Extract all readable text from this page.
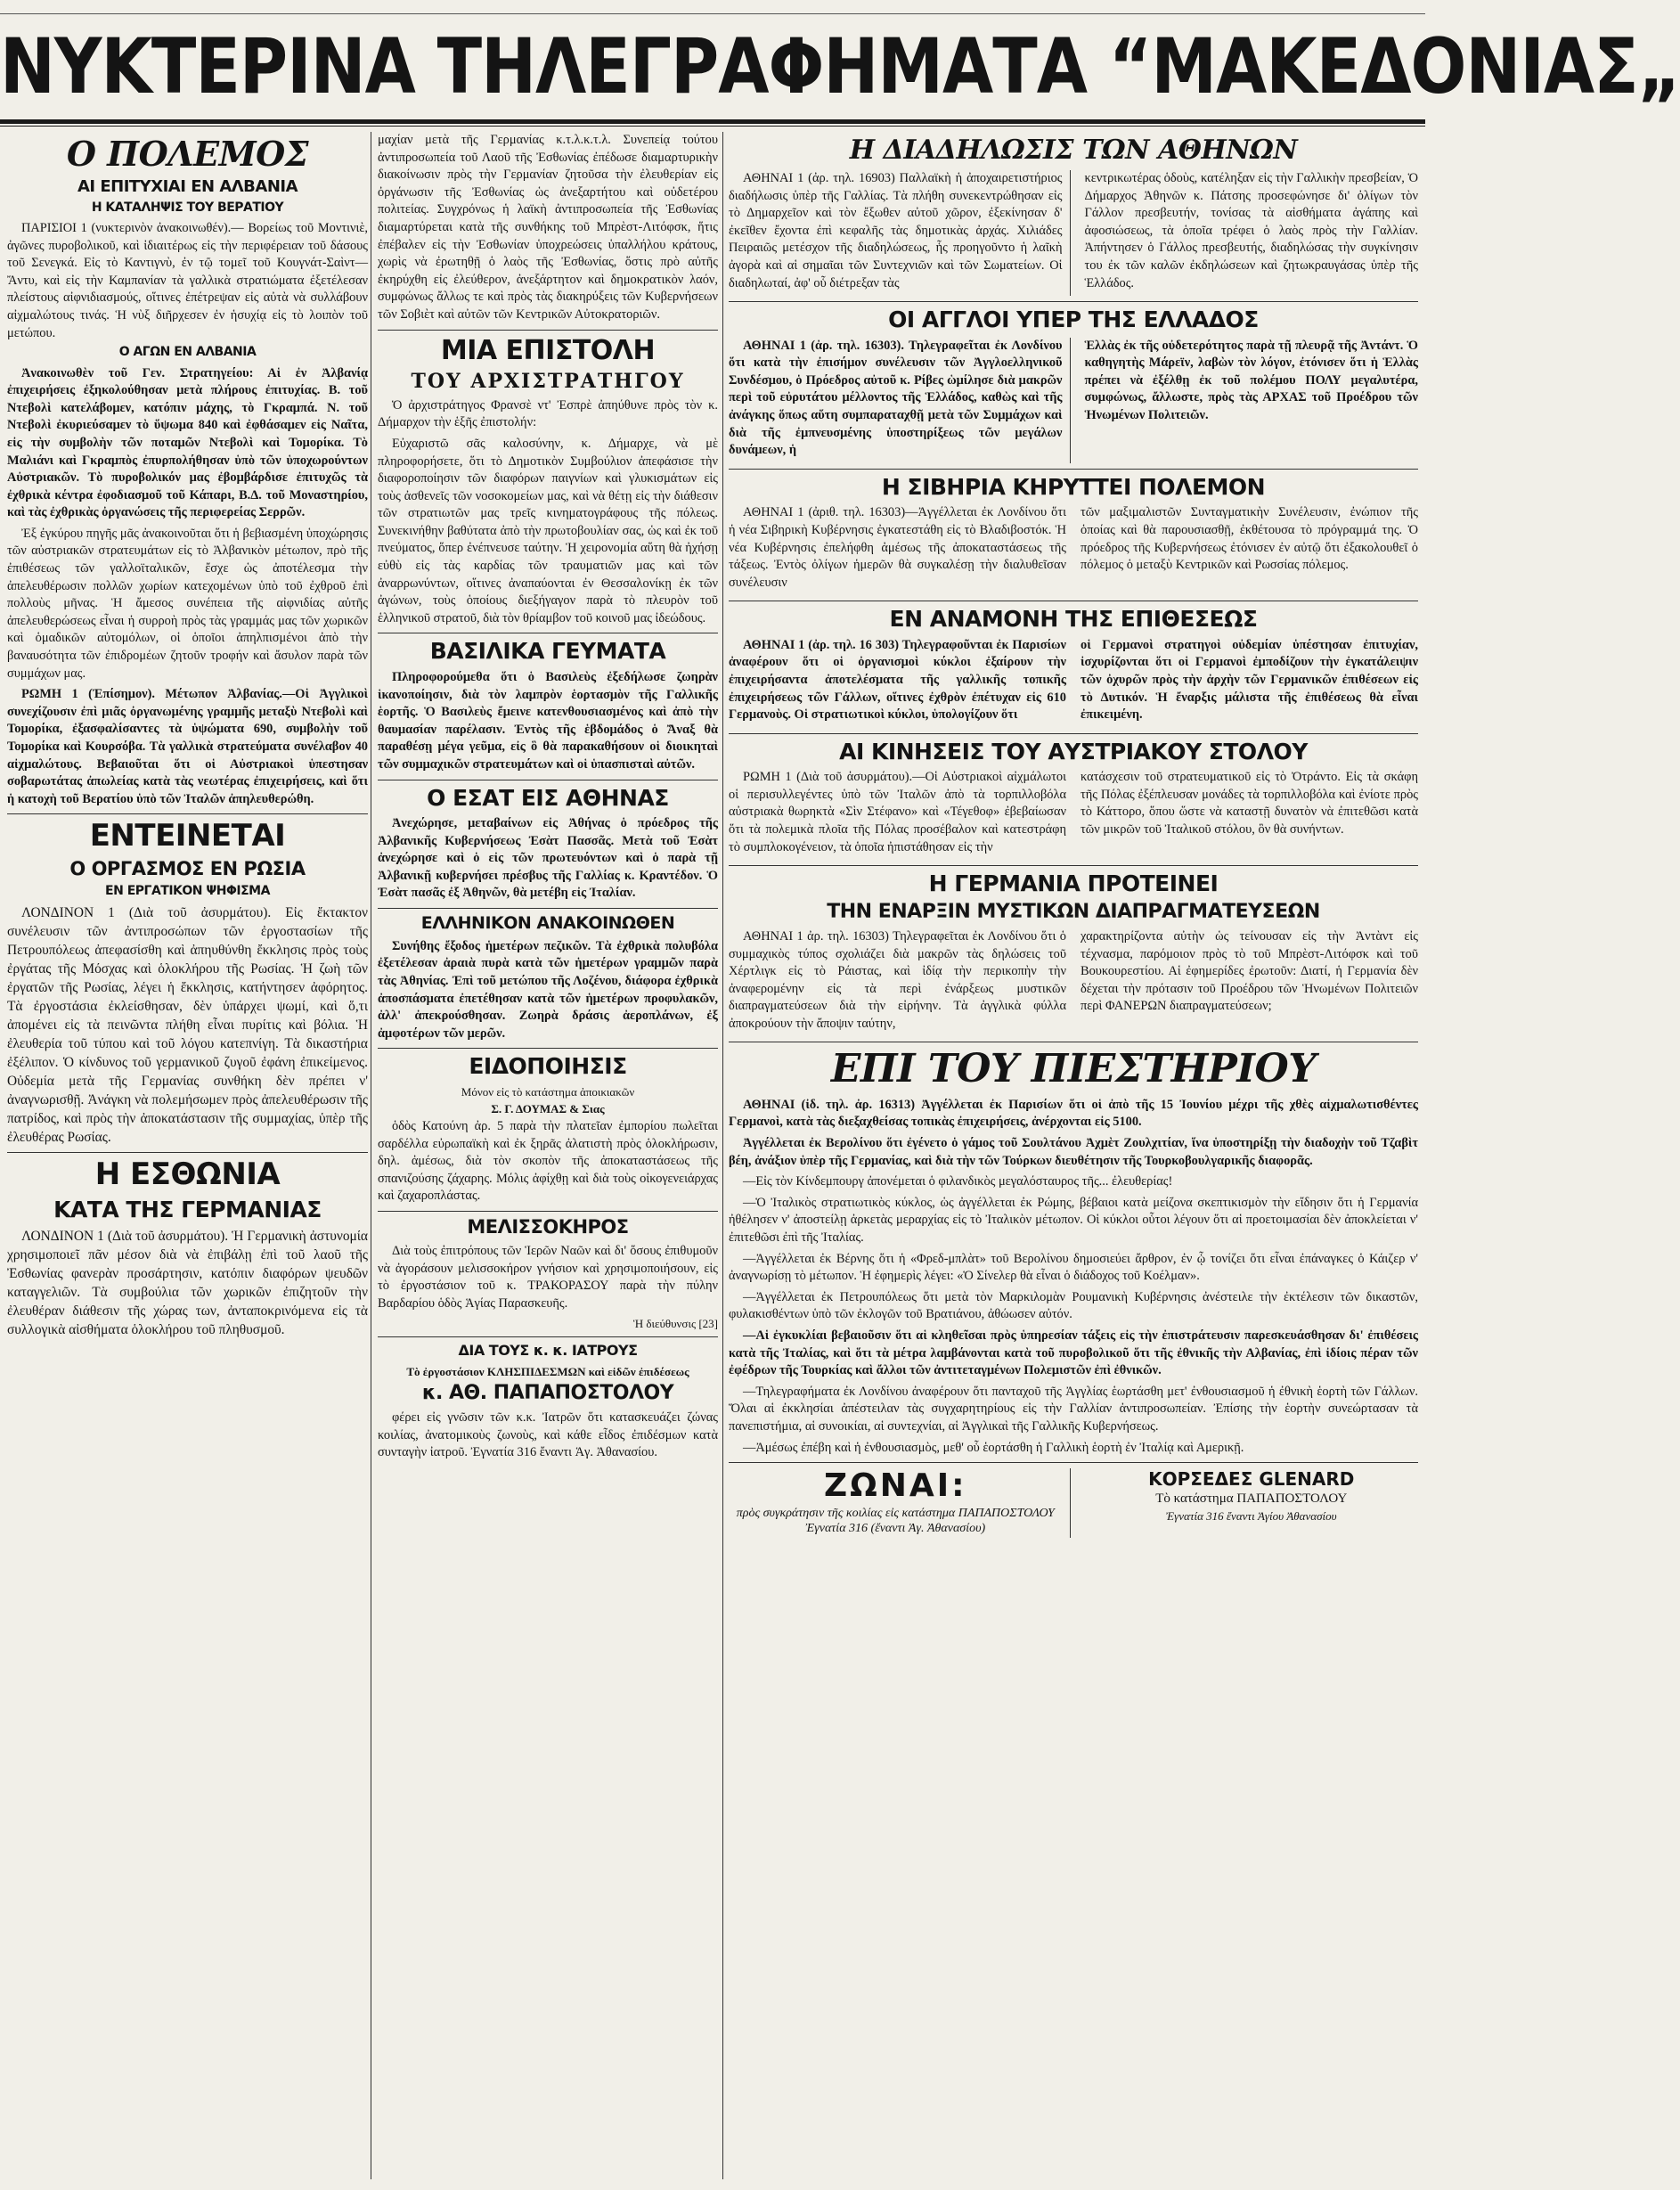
ΝΥΚΤΕΡΙΝΑ ΤΗΛΕΓΡΑΦΗΜΑΤΑ “ΜΑΚΕΔΟΝΙΑΣ„
Ο ΠΟΛΕΜΟΣ
ΑΙ ΕΠΙΤΥΧΙΑΙ ΕΝ ΑΛΒΑΝΙΑ
Η ΚΑΤΑΛΗΨΙΣ ΤΟΥ ΒΕΡΑΤΙΟΥ

ΠΑΡΙΣΙΟΙ 1 (νυκτερινὸν ἀνακοινωθέν).— Βορείως τοῦ Μοντινιὲ, ἀγῶνες πυροβολικοῦ, καὶ ἰδιαιτέρως εἰς τὴν περιφέρειαν τοῦ δάσους τοῦ Σενεγκά. Εἰς τὸ Καντιγνὺ, ἐν τῷ τομεῖ τοῦ Κουγνάτ-Σαὶντ—Ἄντυ, καὶ εἰς τὴν Καμπανίαν τὰ γαλλικὰ στρατιώματα ἐξετέλεσαν πλείστους αἰφνιδιασμούς, οἵτινες ἐπέτρεψαν εἰς αὐτὰ νὰ συλλάβουν αἰχμαλώτους τινάς. Ἡ νὺξ διῆρχεσεν ἐν ἡσυχίᾳ εἰς τὸ λοιπὸν τοῦ μετώπου.

Ο ΑΓΩΝ ΕΝ ΑΛΒΑΝΙΑ

Ἀνακοινωθὲν τοῦ Γεν. Στρατηγείου: Αἱ ἐν Ἀλβανίᾳ ἐπιχειρήσεις ἐξηκολούθησαν μετὰ πλήρους ἐπιτυχίας. Β. τοῦ Ντεβολὶ κατελάβομεν, κατόπιν μάχης, τὸ Γκραμπά. Ν. τοῦ Ντεβολὶ ἐκυριεύσαμεν τὸ ὕψωμα 840 καὶ ἐφθάσαμεν εἰς Ναῖτα, εἰς τὴν συμβολὴν τῶν ποταμῶν Ντεβολὶ καὶ Τομορίκα. Τὸ Μαλιάνι καὶ Γκραμπὸς ἐπυρπολήθησαν ὑπὸ τῶν ὑποχωρούντων Αὐστριακῶν. Τὸ πυροβολικόν μας ἐβομβάρδισε ἐπιτυχῶς τὰ ἐχθρικὰ κέντρα ἐφοδιασμοῦ τοῦ Κάπαρι, Β.Δ. τοῦ Μοναστηρίου, καὶ τὰς ἐχθρικὰς ὀργανώσεις τῆς περιφερείας Σερρῶν.

Ἐξ ἐγκύρου πηγῆς μᾶς ἀνακοινοῦται ὅτι ἡ βεβιασμένη ὑποχώρησις τῶν αὐστριακῶν στρατευμάτων εἰς τὸ Ἀλβανικὸν μέτωπον, πρὸ τῆς ἐπιθέσεως τῶν γαλλοϊταλικῶν, ἔσχε ὡς ἀποτέλεσμα τὴν ἀπελευθέρωσιν πολλῶν χωρίων κατεχομένων ὑπὸ τοῦ ἐχθροῦ ἐπὶ πολλοὺς μῆνας. Ἡ ἄμεσος συνέπεια τῆς αἰφνιδίας αὐτῆς ἀπελευθερώσεως εἶναι ἡ συρροὴ πρὸς τὰς γραμμάς μας τῶν χωρικῶν καὶ ὁμαδικῶν αὐτομόλων, οἱ ὁποῖοι ἀπηλπισμένοι ἀπὸ τὴν βαναυσότητα τῶν ἐπιδρομέων ζητοῦν τροφήν καὶ ἄσυλον παρὰ τῶν συμμάχων μας.

ΡΩΜΗ 1 (Ἐπίσημον). Μέτωπον Ἀλβανίας.—Οἱ Ἀγγλικοὶ συνεχίζουσιν ἐπὶ μιᾶς ὀργανωμένης γραμμῆς μεταξὺ Ντεβολὶ καὶ Τομορίκα, ἐξασφαλίσαντες τὰ ὑψώματα 690, συμβολὴν τοῦ Τομορίκα καὶ Κουρσόβα. Τὰ γαλλικὰ στρατεύματα συνέλαβον 40 αἰχμαλώτους. Βεβαιοῦται ὅτι οἱ Αὐστριακοὶ ὑπεστησαν σοβαρωτάτας ἀπωλείας κατὰ τὰς νεωτέρας ἐπιχειρήσεις, καὶ ὅτι ἡ κατοχὴ τοῦ Βερατίου ὑπὸ τῶν Ἰταλῶν ἀπηλευθερώθη.

ΕΝΤΕΙΝΕΤΑΙ
Ο ΟΡΓΑΣΜΟΣ ΕΝ ΡΩΣΙΑ
ΕΝ ΕΡΓΑΤΙΚΟΝ ΨΗΦΙΣΜΑ

ΛΟΝΔΙΝΟΝ 1 (Διὰ τοῦ ἀσυρμάτου). Εἰς ἔκτακτον συνέλευσιν τῶν ἀντιπροσώπων τῶν ἐργοστασίων τῆς Πετρουπόλεως ἀπεφασίσθη καὶ ἀπηυθύνθη ἔκκλησις πρὸς τοὺς ἐργάτας τῆς Μόσχας καὶ ὁλοκλήρου τῆς Ρωσίας. Ἡ ζωὴ τῶν ἐργατῶν τῆς Ρωσίας, λέγει ἡ ἔκκλησις, κατήντησεν ἀφόρητος. Τὰ ἐργοστάσια ἐκλείσθησαν, δὲν ὑπάρχει ψωμί, καὶ ὅ,τι ἀπομένει εἰς τὰ πεινῶντα πλήθη εἶναι πυρίτις καὶ βόλια. Ἡ ἐλευθερία τοῦ τύπου καὶ τοῦ λόγου κατεπνίγη. Τὰ δικαστήρια ἐξέλιπον. Ὁ κίνδυνος τοῦ γερμανικοῦ ζυγοῦ ἐφάνη ἐπικείμενος. Οὐδεμία μετὰ τῆς Γερμανίας συνθήκη δὲν πρέπει ν' ἀναγνωρισθῇ. Ἀνάγκη νὰ πολεμήσωμεν πρὸς ἀπελευθέρωσιν τῆς πατρίδος, καὶ πρὸς τὴν ἀποκατάστασιν τῆς συμμαχίας, ὑπὲρ τῆς ἐλευθέρας Ρωσίας.

Η ΕΣΘΩΝΙΑ
ΚΑΤΑ ΤΗΣ ΓΕΡΜΑΝΙΑΣ

ΛΟΝΔΙΝΟΝ 1 (Διὰ τοῦ ἀσυρμάτου). Ἡ Γερμανικὴ ἀστυνομία χρησιμοποιεῖ πᾶν μέσον διὰ νὰ ἐπιβάλῃ ἐπὶ τοῦ λαοῦ τῆς Ἐσθωνίας φανερὰν προσάρτησιν, κατόπιν διαφόρων ψευδῶν καταγγελιῶν. Τὰ συμβούλια τῶν χωρικῶν ἐπιζητοῦν τὴν ἐλευθέραν διάθεσιν τῆς χώρας των, ἀνταποκρινόμενα εἰς τὰ συλλογικὰ αἰσθήματα ὁλοκλήρου τοῦ πληθυσμοῦ.

μαχίαν μετὰ τῆς Γερμανίας κ.τ.λ.κ.τ.λ. Συνεπείᾳ τούτου ἀντιπροσωπεία τοῦ Λαοῦ τῆς Ἐσθωνίας ἐπέδωσε διαμαρτυρικὴν διακοίνωσιν πρὸς τὴν Γερμανίαν ζητοῦσα τὴν ἐλευθερίαν εἰς ὀργάνωσιν τῆς Ἐσθωνίας ὡς ἀνεξαρτήτου καὶ οὐδετέρου πολιτείας. Συγχρόνως ἡ λαϊκὴ ἀντιπροσωπεία τῆς Ἐσθωνίας διαμαρτύρεται κατὰ τῆς συνθήκης τοῦ Μπρὲστ-Λιτόφσκ, ἥτις ἐπέβαλεν εἰς τὴν Ἐσθωνίαν ὑποχρεώσεις ὑπαλλήλου κράτους, χωρὶς νὰ ἐρωτηθῇ ὁ λαὸς τῆς Ἐσθωνίας, ὅστις πρὸ αὐτῆς ἐκηρύχθη εἰς ἐλεύθερον, ἀνεξάρτητον καὶ δημοκρατικὸν λαόν, συμφώνως ἄλλως τε καὶ πρὸς τὰς διακηρύξεις τῶν Κυβερνήσεων τῶν Σοβιὲτ καὶ αὐτῶν τῶν Κεντρικῶν Αὐτοκρατοριῶν.

ΜΙΑ ΕΠΙΣΤΟΛΗ
ΤΟΥ ΑΡΧΙΣΤΡΑΤΗΓΟΥ

Ὁ ἀρχιστράτηγος Φρανσὲ ντ' Ἐσπρὲ ἀπηύθυνε πρὸς τὸν κ. Δήμαρχον τὴν ἑξῆς ἐπιστολήν:

Εὐχαριστῶ σᾶς καλοσύνην, κ. Δήμαρχε, νὰ μὲ πληροφορήσετε, ὅτι τὸ Δημοτικὸν Συμβούλιον ἀπεφάσισε τὴν διαφοροποίησιν τῶν διαφόρων παιγνίων καὶ γλυκισμάτων εἰς τοὺς ἀσθενεῖς τῶν νοσοκομείων μας, καὶ νὰ θέτῃ εἰς τὴν διάθεσιν τῶν στρατιωτῶν μας τρεῖς κινηματογράφους τῆς πόλεως. Συνεκινήθην βαθύτατα ἀπὸ τὴν πρωτοβουλίαν σας, ὡς καὶ ἐκ τοῦ πνεύματος, ὅπερ ἐνέπνευσε ταύτην. Ἡ χειρονομία αὕτη θὰ ἠχήσῃ εὐθὺ εἰς τὰς καρδίας τῶν τραυματιῶν μας καὶ τῶν ἀναρρωνύντων, οἵτινες ἀναπαύονται ἐν Θεσσαλονίκῃ ἐκ τῶν ἀγώνων, τοὺς ὁποίους διεξήγαγον παρὰ τὸ πλευρὸν τοῦ ἑλληνικοῦ στρατοῦ, διὰ τὸν θρίαμβον τοῦ κοινοῦ μας ἰδεώδους.

ΒΑΣΙΛΙΚΑ ΓΕΥΜΑΤΑ

Πληροφορούμεθα ὅτι ὁ Βασιλεὺς ἐξεδήλωσε ζωηρὰν ἱκανοποίησιν, διὰ τὸν λαμπρὸν ἑορτασμὸν τῆς Γαλλικῆς ἑορτῆς. Ὁ Βασιλεὺς ἔμεινε κατενθουσιασμένος καὶ ἀπὸ τὴν θαυμασίαν παρέλασιν. Ἐντὸς τῆς ἑβδομάδος ὁ Ἄναξ θὰ παραθέσῃ μέγα γεῦμα, εἰς ὃ θὰ παρακαθήσουν οἱ διοικηταὶ τῶν συμμαχικῶν στρατευμάτων καὶ οἱ ὑπασπισταὶ αὐτῶν.

Ο ΕΣΑΤ ΕΙΣ ΑΘΗΝΑΣ

Ἀνεχώρησε, μεταβαίνων εἰς Ἀθήνας ὁ πρόεδρος τῆς Ἀλβανικῆς Κυβερνήσεως Ἐσὰτ Πασσᾶς. Μετὰ τοῦ Ἐσὰτ ἀνεχώρησε καὶ ὁ εἰς τῶν πρωτευόντων καὶ ὁ παρὰ τῇ Ἀλβανικῇ κυβερνήσει πρέσβυς τῆς Γαλλίας κ. Κραντέδον. Ὁ Ἐσὰτ πασᾶς ἐξ Ἀθηνῶν, θὰ μετέβη εἰς Ἰταλίαν.

ΕΛΛΗΝΙΚΟΝ ΑΝΑΚΟΙΝΩΘΕΝ

Συνήθης ἔξοδος ἡμετέρων πεζικῶν. Τὰ ἐχθρικὰ πολυβόλα ἐξετέλεσαν ἀραιὰ πυρὰ κατὰ τῶν ἡμετέρων γραμμῶν παρὰ τὰς Ἀθηνίας. Ἐπὶ τοῦ μετώπου τῆς Λοζένου, διάφορα ἐχθρικὰ ἀποσπάσματα ἐπετέθησαν κατὰ τῶν ἡμετέρων προφυλακῶν, ἀλλ' ἀπεκρούσθησαν. Ζωηρὰ δράσις ἀεροπλάνων, ἐξ ἀμφοτέρων τῶν μερῶν.

ΕΙΔΟΠΟΙΗΣΙΣ
Μόνον εἰς τὸ κατάστημα ἀποικιακῶν
Σ. Γ. ΔΟΥΜΑΣ & Σιας

ὁδὸς Κατούνη ἀρ. 5 παρὰ τὴν πλατεῖαν ἐμπορίου πωλεῖται σαρδέλλα εὐρωπαϊκὴ καὶ ἐκ ξηρᾶς ἀλατιστὴ πρὸς ὁλοκλήρωσιν, δηλ. ἀμέσως, διὰ τὸν σκοπὸν τῆς ἀποκαταστάσεως τῆς σπανιζούσης ζάχαρης. Μόλις ἀφίχθῃ καὶ διὰ τοὺς οἰκογενειάρχας καὶ ζαχαροπλάστας.

ΜΕΛΙΣΣΟΚΗΡΟΣ

Διὰ τοὺς ἐπιτρόπους τῶν Ἱερῶν Ναῶν καὶ δι' ὅσους ἐπιθυμοῦν νὰ ἀγοράσουν μελισσοκήρον γνήσιον καὶ χρησιμοποιήσουν, εἰς τὸ ἐργοστάσιον τοῦ κ. ΤΡΑΚΟΡΑΣΟΥ παρὰ τὴν πύλην Βαρδαρίου ὁδὸς Ἁγίας Παρασκευῆς.

Ἡ διεύθυνσις [23]
ΔΙΑ ΤΟΥΣ κ. κ. ΙΑΤΡΟΥΣ
Τὸ ἐργοστάσιον ΚΛΗΣΠΙΔΕΣΜΩΝ καὶ εἰδῶν ἐπιδέσεως
κ. ΑΘ. ΠΑΠΑΠΟΣΤΟΛΟΥ

φέρει εἰς γνῶσιν τῶν κ.κ. Ἰατρῶν ὅτι κατασκευάζει ζώνας κοιλίας, ἀνατομικοὺς ζωνοὺς, καὶ κάθε εἶδος ἐπιδέσμων κατὰ συνταγὴν ἰατροῦ. Ἐγνατία 316 ἔναντι Ἁγ. Ἀθανασίου.

Η ΔΙΑΔΗΛΩΣΙΣ ΤΩΝ ΑΘΗΝΩΝ

ΑΘΗΝΑΙ 1 (ἀρ. τηλ. 16903) Παλλαϊκὴ ἡ ἀποχαιρετιστήριος διαδήλωσις ὑπὲρ τῆς Γαλλίας. Τὰ πλήθη συνεκεντρώθησαν εἰς τὸ Δημαρχεῖον καὶ τὸν ἔξωθεν αὐτοῦ χῶρον, ἐξεκίνησαν δ' ἐκεῖθεν ἔχοντα ἐπὶ κεφαλῆς τὰς δημοτικὰς ἀρχάς. Χιλιάδες Πειραιῶς μετέσχον τῆς διαδηλώσεως, ἧς προηγοῦντο ἡ λαῖκὴ ἀγορὰ καὶ αἱ σημαῖαι τῶν Συντεχνιῶν καὶ τῶν Σωματείων. Οἱ διαδηλωταί, ἀφ' οὗ διέτρεξαν τὰς

κεντρικωτέρας ὁδοὺς, κατέληξαν εἰς τὴν Γαλλικὴν πρεσβείαν, Ὁ Δήμαρχος Ἀθηνῶν κ. Πάτσης προσεφώνησε δι' ὀλίγων τὸν Γάλλον πρεσβευτήν, τονίσας τὰ αἰσθήματα ἀγάπης καὶ ἀφοσιώσεως, τὰ ὁποῖα τρέφει ὁ λαὸς πρὸς τὴν Γαλλίαν. Ἀπήντησεν ὁ Γάλλος πρεσβευτής, διαδηλώσας τὴν συγκίνησιν του ἐκ τῶν καλῶν ἐκδηλώσεων καὶ ζητωκραυγάσας ὑπὲρ τῆς Ἑλλάδος.

ΟΙ ΑΓΓΛΟΙ ΥΠΕΡ ΤΗΣ ΕΛΛΑΔΟΣ

ΑΘΗΝΑΙ 1 (ἀρ. τηλ. 16303). Τηλεγραφεῖται ἐκ Λονδίνου ὅτι κατὰ τὴν ἐπισήμον συνέλευσιν τῶν Ἀγγλοελληνικοῦ Συνδέσμου, ὁ Πρόεδρος αὐτοῦ κ. Ρίβες ὡμίλησε διὰ μακρῶν περὶ τοῦ εὐρυτάτου μέλλοντος τῆς Ἑλλάδος, καθὼς καὶ τῆς ἀνάγκης ὅπως αὕτη συμπαραταχθῇ μετὰ τῶν Συμμάχων καὶ διὰ τῆς ἐμπνευσμένης ὑποστηρίξεως τῶν μεγάλων δυνάμεων, ἡ

Ἑλλὰς ἐκ τῆς οὐδετερότητος παρὰ τῇ πλευρᾷ τῆς Ἀντάντ. Ὁ καθηγητὴς Μάρεϊν, λαβὼν τὸν λόγον, ἐτόνισεν ὅτι ἡ Ἑλλὰς πρέπει νὰ ἐξέλθῃ ἐκ τοῦ πολέμου ΠΟΛΥ μεγαλυτέρα, συμφώνως, ἄλλωστε, πρὸς τὰς ΑΡΧΑΣ τοῦ Προέδρου τῶν Ἡνωμένων Πολιτειῶν.

Η ΣΙΒΗΡΙΑ ΚΗΡΥΤΤΕΙ ΠΟΛΕΜΟΝ

ΑΘΗΝΑΙ 1 (ἀριθ. τηλ. 16303)—Ἀγγέλλεται ἐκ Λονδίνου ὅτι ἡ νέα Σιβηρικὴ Κυβέρνησις ἐγκατεστάθη εἰς τὸ Βλαδιβοστόκ. Ἡ νέα Κυβέρνησις ἐπελήφθη ἀμέσως τῆς ἀποκαταστάσεως τῆς τάξεως. Ἐντὸς ὀλίγων ἡμερῶν θὰ συγκαλέσῃ τὴν διαλυθεῖσαν συνέλευσιν

τῶν μαξιμαλιστῶν Συνταγματικὴν Συνέλευσιν, ἐνώπιον τῆς ὁποίας καὶ θὰ παρουσιασθῇ, ἐκθέτουσα τὸ πρόγραμμά της. Ὁ πρόεδρος τῆς Κυβερνήσεως ἐτόνισεν ἐν αὐτῷ ὅτι ἐξακολουθεῖ ὁ πόλεμος ὁ μεταξὺ Κεντρικῶν καὶ Ρωσσίας πόλεμος.

ΕΝ ΑΝΑΜΟΝΗ ΤΗΣ ΕΠΙΘΕΣΕΩΣ

ΑΘΗΝΑΙ 1 (ἀρ. τηλ. 16 303) Τηλεγραφοῦνται ἐκ Παρισίων ἀναφέρουν ὅτι οἱ ὀργανισμοὶ κύκλοι ἐξαίρουν τὴν ἐπιχειρήσαντα ἀποτελέσματα τῆς γαλλικῆς τοπικῆς ἐπιχειρήσεως τῶν Γάλλων, οἵτινες ἐχθρὸν ἐπέτυχαν εἰς 610 Γερμανοὺς. Οἱ στρατιωτικοὶ κύκλοι, ὑπολογίζουν ὅτι

οἱ Γερμανοὶ στρατηγοὶ οὐδεμίαν ὑπέστησαν ἐπιτυχίαν, ἰσχυρίζονται ὅτι οἱ Γερμανοὶ ἐμποδίζουν τὴν ἐγκατάλειψιν τῶν ὀχυρῶν πρὸς τὴν ἀρχὴν τῶν Γερμανικῶν ἐπιθέσεων εἰς τὸ Δυτικόν. Ἡ ἔναρξις μάλιστα τῆς ἐπιθέσεως θὰ εἶναι ἐπικειμένη.

ΑΙ ΚΙΝΗΣΕΙΣ ΤΟΥ ΑΥΣΤΡΙΑΚΟΥ ΣΤΟΛΟΥ

ΡΩΜΗ 1 (Διὰ τοῦ ἀσυρμάτου).—Οἱ Αὐστριακοὶ αἰχμάλωτοι οἱ περισυλλεγέντες ὑπὸ τῶν Ἰταλῶν ἀπὸ τὰ τορπιλλοβόλα αὐστριακὰ θωρηκτὰ «Σὶν Στέφανο» καὶ «Τέγεθοφ» ἐβεβαίωσαν ὅτι τὰ πολεμικὰ πλοῖα τῆς Πόλας προσέβαλον καὶ κατεστράφη τὸ συμπλοκογένειον, τὰ ὁποῖα ἠπιστάθησαν εἰς τὴν

κατάσχεσιν τοῦ στρατευματικοῦ εἰς τὸ Ὀτράντο. Εἰς τὰ σκάφη τῆς Πόλας ἐξέπλευσαν μονάδες τὰ τορπιλλοβόλα καὶ ἐνίοτε πρὸς τὸ Κάττορο, ὅπου ὥστε νὰ καταστῇ δυνατὸν νὰ ἐπιτεθῶσι κατὰ τῶν μικρῶν τοῦ Ἰταλικοῦ στόλου, ὃν θὰ συνήντων.

Η ΓΕΡΜΑΝΙΑ ΠΡΟΤΕΙΝΕΙ
ΤΗΝ ΕΝΑΡΞΙΝ ΜΥΣΤΙΚΩΝ ΔΙΑΠΡΑΓΜΑΤΕΥΣΕΩΝ

ΑΘΗΝΑΙ 1 ἀρ. τηλ. 16303) Τηλεγραφεῖται ἐκ Λονδίνου ὅτι ὁ συμμαχικὸς τύπος σχολιάζει διὰ μακρῶν τὰς δηλώσεις τοῦ Χέρτλιγκ εἰς τὸ Ράιστας, καὶ ἰδίᾳ τὴν περικοπὴν τὴν ἀναφερομένην εἰς τὰ περὶ ἐνάρξεως μυστικῶν διαπραγματεύσεων διὰ τὴν εἰρήνην. Τὰ ἀγγλικὰ φύλλα ἀποκρούουν τὴν ἄποψιν ταύτην,

χαρακτηρίζοντα αὐτὴν ὡς τείνουσαν εἰς τὴν Ἀντὰντ εἰς τέχνασμα, παρόμοιον πρὸς τὸ τοῦ Μπρὲστ-Λιτόφσκ καὶ τοῦ Βουκουρεστίου. Αἱ ἐφημερίδες ἐρωτοῦν: Διατί, ἡ Γερμανία δὲν δέχεται τὴν πρότασιν τοῦ Προέδρου τῶν Ἡνωμένων Πολιτειῶν περὶ ΦΑΝΕΡΩΝ διαπραγματεύσεων;

ΕΠΙ ΤΟΥ ΠΙΕΣΤΗΡΙΟΥ

ΑΘΗΝΑΙ (ἰδ. τηλ. ἀρ. 16313) Ἀγγέλλεται ἐκ Παρισίων ὅτι οἱ ἀπὸ τῆς 15 Ἰουνίου μέχρι τῆς χθὲς αἰχμαλωτισθέντες Γερμανοὶ, κατὰ τὰς διεξαχθείσας τοπικὰς ἐπιχειρήσεις, ἀνέρχονται εἰς 5100.

Ἀγγέλλεται ἐκ Βερολίνου ὅτι ἐγένετο ὁ γάμος τοῦ Σουλτάνου Ἀχμὲτ Ζουλχιτίαν, ἵνα ὑποστηρίξῃ τὴν διαδοχὴν τοῦ Τζαβὶτ βέη, ἀνάξιον ὑπὲρ τῆς Γερμανίας, καὶ διὰ τὴν τῶν Τούρκων διευθέτησιν τῆς Τουρκοβουλγαρικῆς διαφορᾶς.

—Εἰς τὸν Κίνδεμπουργ ἀπονέμεται ὁ φιλανδικὸς μεγαλόσταυρος τῆς... ἐλευθερίας!

—Ὁ Ἰταλικὸς στρατιωτικὸς κύκλος, ὡς ἀγγέλλεται ἐκ Ρώμης, βέβαιοι κατὰ μείζονα σκεπτικισμὸν τὴν εἴδησιν ὅτι ἡ Γερμανία ἠθέλησεν ν' ἀποστείλῃ ἀρκετὰς μεραρχίας εἰς τὸ Ἰταλικὸν μέτωπον. Οἱ κύκλοι οὗτοι λέγουν ὅτι αἱ προετοιμασίαι δὲν ἀποκλείεται ν' ἐπιτεθῶσι ἐπὶ τῆς Ἰταλίας.

—Ἀγγέλλεται ἐκ Βέρνης ὅτι ἡ «Φρεδ-μπλὰτ» τοῦ Βερολίνου δημοσιεύει ἄρθρον, ἐν ᾧ τονίζει ὅτι εἶναι ἐπάναγκες ὁ Κάιζερ ν' ἀναγνωρίσῃ τὸ μέτωπον. Ἡ ἐφημερὶς λέγει: «Ὁ Σίνελερ θὰ εἶναι ὁ διάδοχος τοῦ Κοέλμαν».

—Ἀγγέλλεται ἐκ Πετρουπόλεως ὅτι μετὰ τὸν Μαρκιλομὰν Ρουμανικὴ Κυβέρνησις ἀνέστειλε τὴν ἐκτέλεσιν τῶν δικαστῶν, φυλακισθέντων ὑπὸ τῶν ἐκλογῶν τοῦ Βρατιάνου, ἀθώωσεν αὐτόν.

—Αἱ ἐγκυκλίαι βεβαιοῦσιν ὅτι αἱ κληθεῖσαι πρὸς ὑπηρεσίαν τάξεις εἰς τὴν ἐπιστράτευσιν παρεσκευάσθησαν δι' ἐπιθέσεις κατὰ τῆς Ἰταλίας, καὶ ὅτι τὰ μέτρα λαμβάνονται κατὰ τοῦ πυροβολικοῦ ὅτι τῆς ἐθνικῆς τὴν Αλβανίας, ἐπὶ ἰδίοις πέραν τῶν ἐφέδρων τῆς Τουρκίας καὶ ἄλλοι τῶν ἀντιτεταγμένων Πολεμιστῶν ἐπὶ ἐθνικῶν.

—Τηλεγραφήματα ἐκ Λονδίνου ἀναφέρουν ὅτι πανταχοῦ τῆς Ἀγγλίας ἑωρτάσθη μετ' ἐνθουσιασμοῦ ἡ ἐθνικὴ ἑορτὴ τῶν Γάλλων. Ὅλαι αἱ ἐκκλησίαι ἀπέστειλαν τὰς συγχαρητηρίους εἰς τὴν Γαλλίαν ἀντιπροσωπείαν. Ἐπίσης τὴν ἑορτὴν συνεώρτασαν τὰ πανεπιστήμια, αἱ συνοικίαι, αἱ συντεχνίαι, αἱ Ἀγγλικαὶ τῆς Γαλλικῆς Κυβερνήσεως.

—Ἀμέσως ἐπέβη καὶ ἡ ἐνθουσιασμὸς, μεθ' οὗ ἑορτάσθη ἡ Γαλλικὴ ἑορτὴ ἐν Ἰταλίᾳ καὶ Αμερικῇ.

ΖΩΝΑΙ:
πρὸς συγκράτησιν τῆς κοιλίας εἰς κατάστημα ΠΑΠΑΠΟΣΤΟΛΟΥ Ἐγνατία 316 (ἔναντι Ἁγ. Ἀθανασίου)
ΚΟΡΣΕΔΕΣ GLENARD
Τὸ κατάστημα ΠΑΠΑΠΟΣΤΟΛΟΥ
Ἐγνατία 316 ἔναντι Ἁγίου Ἀθανασίου
